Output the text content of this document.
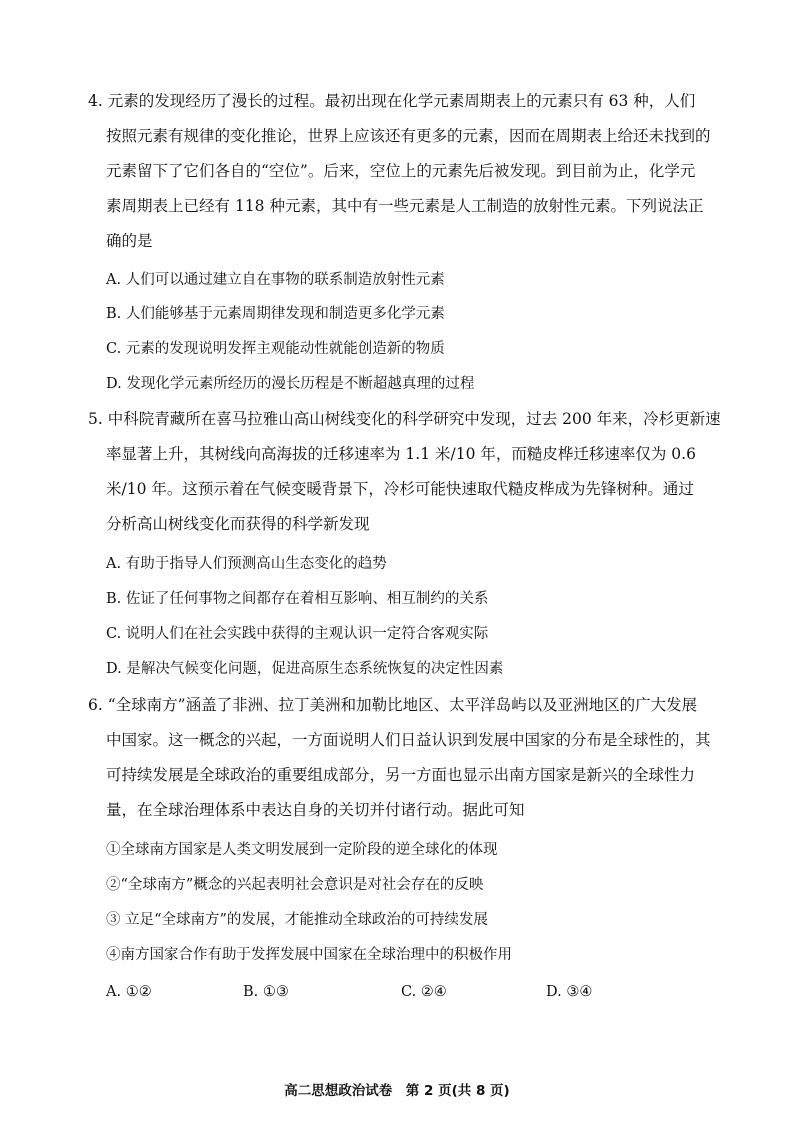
4. 元素的发现经历了漫长的过程。最初出现在化学元素周期表上的元素只有 63 种，人们
按照元素有规律的变化推论，世界上应该还有更多的元素，因而在周期表上给还未找到的
元素留下了它们各自的“空位”。后来，空位上的元素先后被发现。到目前为止，化学元
素周期表上已经有 118 种元素，其中有一些元素是人工制造的放射性元素。下列说法正
确的是
A. 人们可以通过建立自在事物的联系制造放射性元素
B. 人们能够基于元素周期律发现和制造更多化学元素
C. 元素的发现说明发挥主观能动性就能创造新的物质
D. 发现化学元素所经历的漫长历程是不断超越真理的过程
5. 中科院青藏所在喜马拉雅山高山树线变化的科学研究中发现，过去 200 年来，冷杉更新速
率显著上升，其树线向高海拔的迁移速率为 1.1 米/10 年，而糙皮桦迁移速率仅为 0.6
米/10 年。这预示着在气候变暖背景下，冷杉可能快速取代糙皮桦成为先锋树种。通过
分析高山树线变化而获得的科学新发现
A. 有助于指导人们预测高山生态变化的趋势
B. 佐证了任何事物之间都存在着相互影响、相互制约的关系
C. 说明人们在社会实践中获得的主观认识一定符合客观实际
D. 是解决气候变化问题，促进高原生态系统恢复的决定性因素
6. “全球南方”涵盖了非洲、拉丁美洲和加勒比地区、太平洋岛屿以及亚洲地区的广大发展
中国家。这一概念的兴起，一方面说明人们日益认识到发展中国家的分布是全球性的，其
可持续发展是全球政治的重要组成部分，另一方面也显示出南方国家是新兴的全球性力
量，在全球治理体系中表达自身的关切并付诸行动。据此可知
①全球南方国家是人类文明发展到一定阶段的逆全球化的体现
②“全球南方”概念的兴起表明社会意识是对社会存在的反映
③ 立足“全球南方”的发展，才能推动全球政治的可持续发展
④南方国家合作有助于发挥发展中国家在全球治理中的积极作用
A. ①②	B. ①③	C. ②④	D. ③④
高二思想政治试卷　第 2 页(共 8 页)
